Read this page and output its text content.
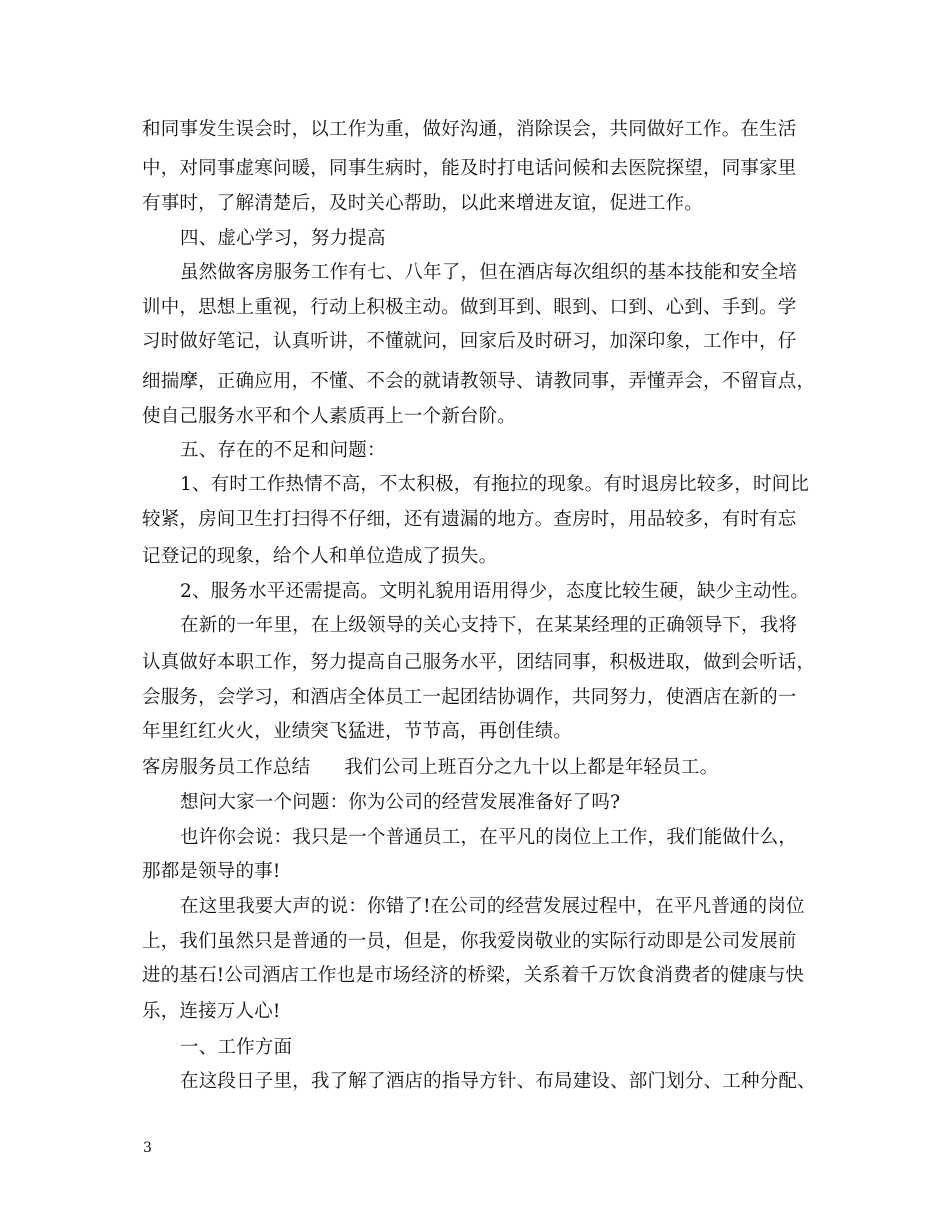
和同事发生误会时，以工作为重，做好沟通，消除误会，共同做好工作。在生活
中，对同事虚寒问暖，同事生病时，能及时打电话问候和去医院探望，同事家里
有事时，了解清楚后，及时关心帮助，以此来增进友谊，促进工作。
四、虚心学习，努力提高
虽然做客房服务工作有七、八年了，但在酒店每次组织的基本技能和安全培
训中，思想上重视，行动上积极主动。做到耳到、眼到、口到、心到、手到。学
习时做好笔记，认真听讲，不懂就问，回家后及时研习，加深印象，工作中，仔
细揣摩，正确应用，不懂、不会的就请教领导、请教同事，弄懂弄会，不留盲点，
使自己服务水平和个人素质再上一个新台阶。
五、存在的不足和问题：
1、有时工作热情不高，不太积极，有拖拉的现象。有时退房比较多，时间比
较紧，房间卫生打扫得不仔细，还有遗漏的地方。查房时，用品较多，有时有忘
记登记的现象，给个人和单位造成了损失。
2、服务水平还需提高。文明礼貌用语用得少，态度比较生硬，缺少主动性。
在新的一年里，在上级领导的关心支持下，在某某经理的正确领导下，我将
认真做好本职工作，努力提高自己服务水平，团结同事，积极进取，做到会听话，
会服务，会学习，和酒店全体员工一起团结协调作，共同努力，使酒店在新的一
年里红红火火，业绩突飞猛进，节节高，再创佳绩。
客房服务员工作总结 我们公司上班百分之九十以上都是年轻员工。
想问大家一个问题：你为公司的经营发展准备好了吗?
也许你会说：我只是一个普通员工，在平凡的岗位上工作，我们能做什么，
那都是领导的事!
在这里我要大声的说：你错了!在公司的经营发展过程中，在平凡普通的岗位
上，我们虽然只是普通的一员，但是，你我爱岗敬业的实际行动即是公司发展前
进的基石!公司酒店工作也是市场经济的桥梁，关系着千万饮食消费者的健康与快
乐，连接万人心!
一、工作方面
在这段日子里，我了解了酒店的指导方针、布局建设、部门划分、工种分配、
3
